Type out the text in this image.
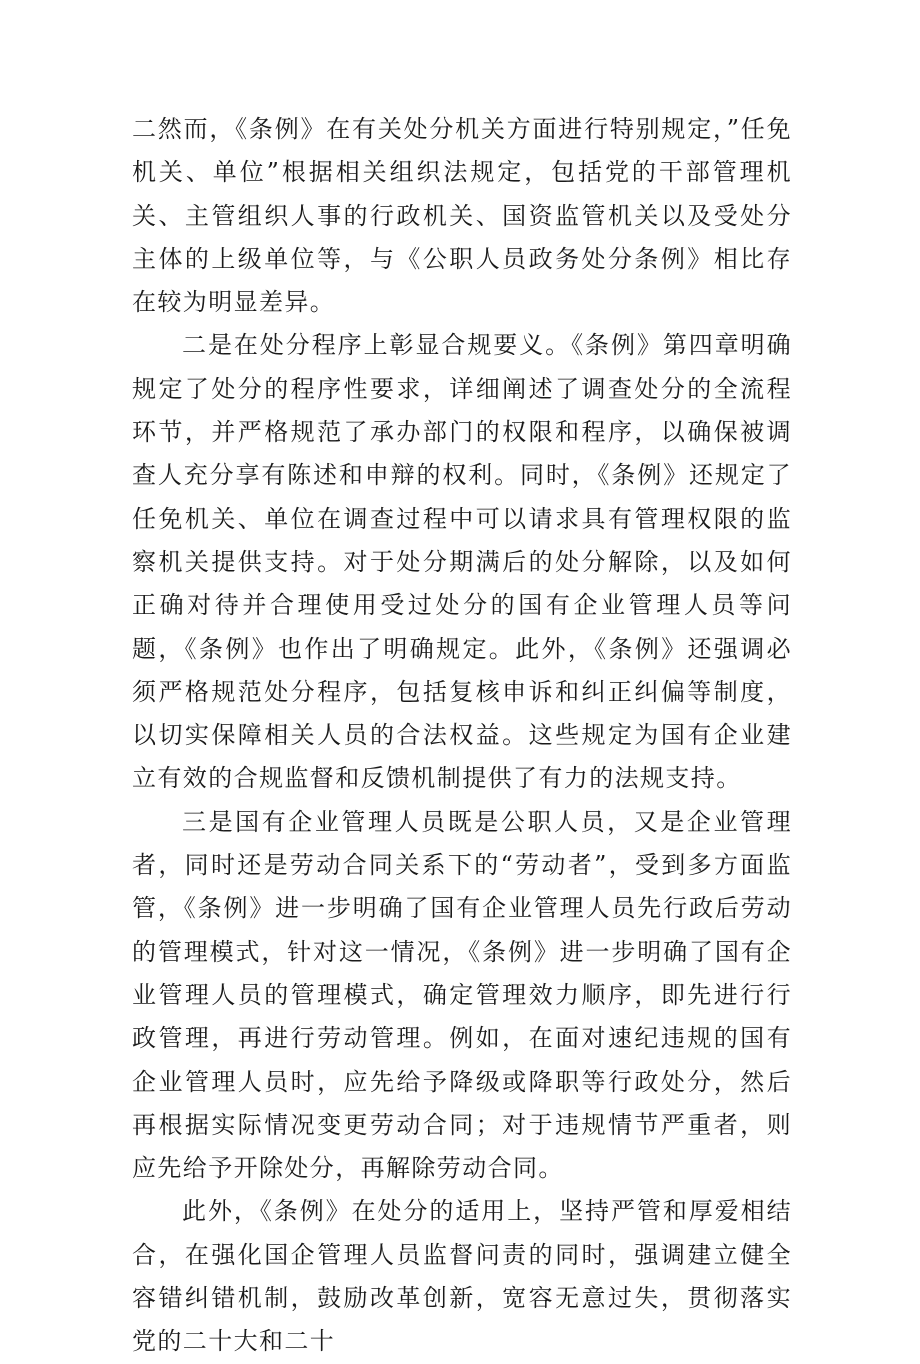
二然而，《条例》在有关处分机关方面进行特别规定，”任免机关、单位”根据相关组织法规定，包括党的干部管理机关、主管组织人事的行政机关、国资监管机关以及受处分主体的上级单位等，与《公职人员政务处分条例》相比存在较为明显差异。

二是在处分程序上彰显合规要义。《条例》第四章明确规定了处分的程序性要求，详细阐述了调查处分的全流程环节，并严格规范了承办部门的权限和程序，以确保被调查人充分享有陈述和申辩的权利。同时，《条例》还规定了任免机关、单位在调查过程中可以请求具有管理权限的监察机关提供支持。对于处分期满后的处分解除，以及如何正确对待并合理使用受过处分的国有企业管理人员等问题，《条例》也作出了明确规定。此外，《条例》还强调必须严格规范处分程序，包括复核申诉和纠正纠偏等制度，以切实保障相关人员的合法权益。这些规定为国有企业建立有效的合规监督和反馈机制提供了有力的法规支持。

三是国有企业管理人员既是公职人员，又是企业管理者，同时还是劳动合同关系下的“劳动者”，受到多方面监管，《条例》进一步明确了国有企业管理人员先行政后劳动的管理模式，针对这一情况，《条例》进一步明确了国有企业管理人员的管理模式，确定管理效力顺序，即先进行行政管理，再进行劳动管理。例如，在面对速纪违规的国有企业管理人员时，应先给予降级或降职等行政处分，然后再根据实际情况变更劳动合同；对于违规情节严重者，则应先给予开除处分，再解除劳动合同。

此外，《条例》在处分的适用上，坚持严管和厚爱相结合，在强化国企管理人员监督问责的同时，强调建立健全容错纠错机制，鼓励改革创新，宽容无意过失，贯彻落实党的二十大和二十
